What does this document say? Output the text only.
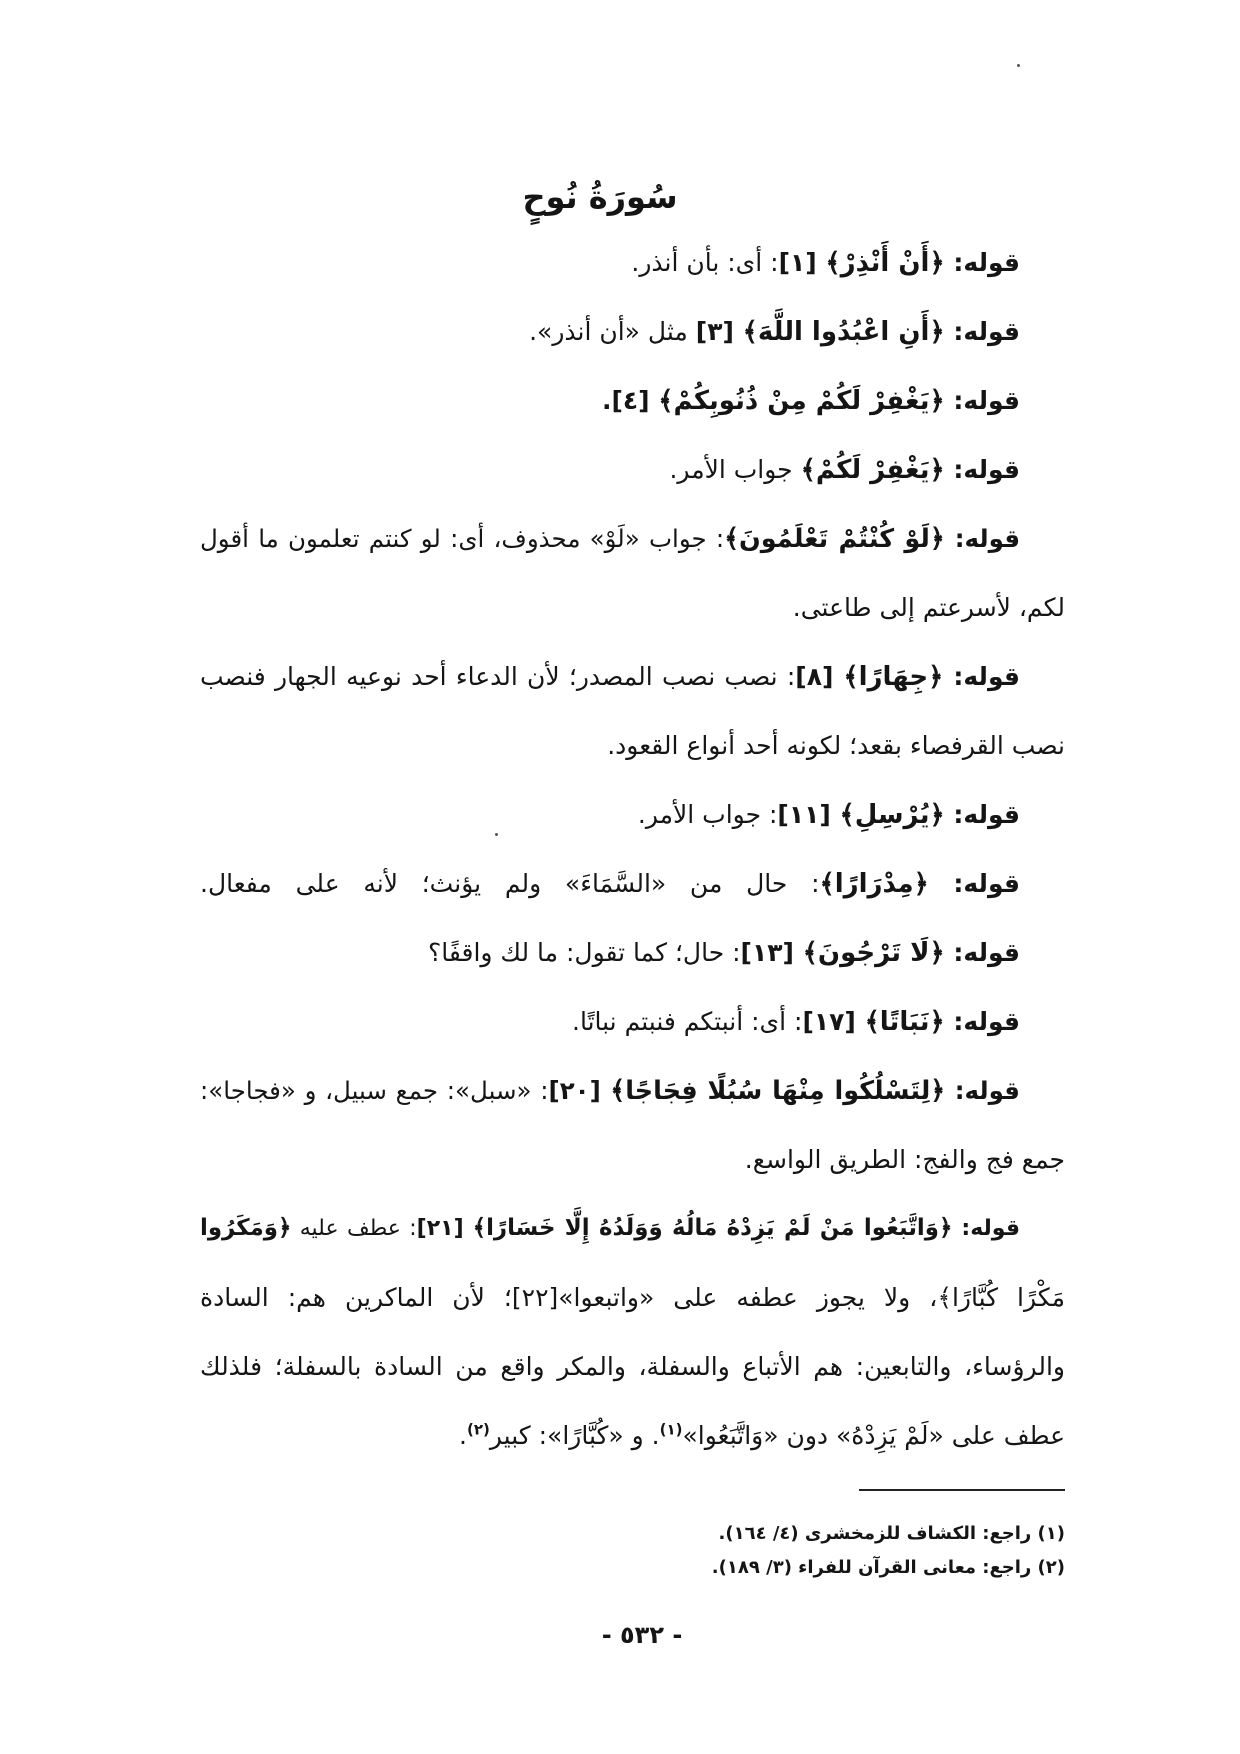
سُورَةُ نُوحٍ
قوله: ﴿أَنْ أَنْذِرْ﴾ [١]: أى: بأن أنذر.
قوله: ﴿أَنِ اعْبُدُوا اللَّهَ﴾ [٣] مثل «أن أنذر».
قوله: ﴿يَغْفِرْ لَكُمْ مِنْ ذُنُوبِكُمْ﴾ [٤].
قوله: ﴿يَغْفِرْ لَكُمْ﴾ جواب الأمر.
قوله: ﴿لَوْ كُنْتُمْ تَعْلَمُونَ﴾: جواب «لَوْ» محذوف، أى: لو كنتم تعلمون ما أقول
لكم، لأسرعتم إلى طاعتى.
قوله: ﴿جِهَارًا﴾ [٨]: نصب نصب المصدر؛ لأن الدعاء أحد نوعيه الجهار فنصب
نصب القرفصاء بقعد؛ لكونه أحد أنواع القعود.
قوله: ﴿يُرْسِلِ﴾ [١١]: جواب الأمر.
قوله: ﴿مِدْرَارًا﴾: حال من «السَّمَاءَ» ولم يؤنث؛ لأنه على مفعال.
قوله: ﴿لَا تَرْجُونَ﴾ [١٣]: حال؛ كما تقول: ما لك واقفًا؟
قوله: ﴿نَبَاتًا﴾ [١٧]: أى: أنبتكم فنبتم نباتًا.
قوله: ﴿لِتَسْلُكُوا مِنْهَا سُبُلًا فِجَاجًا﴾ [٢٠]: «سبل»: جمع سبيل، و «فجاجا»:
جمع فج والفج: الطريق الواسع.
قوله: ﴿وَاتَّبَعُوا مَنْ لَمْ يَزِدْهُ مَالُهُ وَوَلَدُهُ إِلَّا خَسَارًا﴾ [٢١]: عطف عليه ﴿وَمَكَرُوا
مَكْرًا كُبَّارًا﴾، ولا يجوز عطفه على «واتبعوا»[٢٢]؛ لأن الماكرين هم: السادة
والرؤساء، والتابعين: هم الأتباع والسفلة، والمكر واقع من السادة بالسفلة؛ فلذلك
عطف على «لَمْ يَزِدْهُ» دون «وَاتَّبَعُوا»$^{(١)}$. و «كُبَّارًا»: كبير$^{(٢)}$.
(١) راجع: الكشاف للزمخشرى (٤/ ١٦٤).
(٢) راجع: معانى القرآن للفراء (٣/ ١٨٩).
- ٥٣٢ -
